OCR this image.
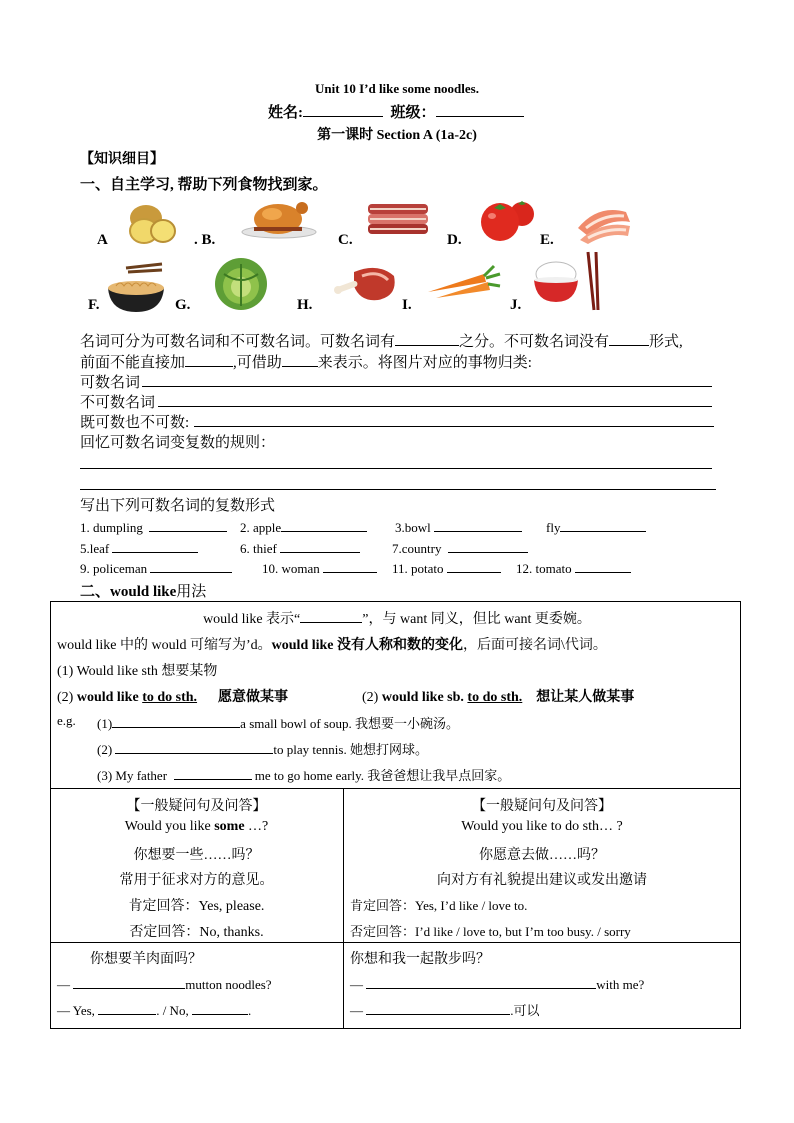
Unit 10 I’d like some noodles.
姓名:	班级：
第一课时 Section A (1a-2c)
【知识细目】
一、自主学习, 帮助下列食物找到家。
A	. B.	C.	D.	E.
F.	G.	H.	I.	J.
名词可分为可数名词和不可数名词。可数名词有	之分。不可数名词没有	形式,
前面不能直接加	,可借助 来表示。将图片对应的事物归类:
可数名词
不可数名词
既可数也不可数:
回忆可数名词变复数的规则：
写出下列可数名词的复数形式
1. dumpling	2. apple	3.bowl	fly
5.leaf	6. thief	7.country
9. policeman	10. woman	11. potato	12. tomato
二、would like用法
would like 表示“	”，与 want 同义，但比 want 更委婉。
would like 中的 would 可缩写为’d。would like 没有人称和数的变化，后面可接名词\代词。
(1) Would like sth 想要某物
(2) would like to do sth. 愿意做某事	(2) would like sb. to do sth. 想让某人做某事
e.g. (1)	a small bowl of soup. 我想要一小碗汤。
(2)	to play tennis. 她想打网球。
(3) My father	me to go home early. 我爸爸想让我早点回家。
【一般疑问句及问答】
Would you like some …?
你想要一些……吗？
常用于征求对方的意见。
肯定回答：Yes, please.
否定回答：No, thanks.
【一般疑问句及问答】
Would you like to do sth… ?
你愿意去做……吗？
向对方有礼貌提出建议或发出邀请
肯定回答：Yes, I’d like / love to.
否定回答：I’d like / love to, but I’m too busy. / sorry
你想要羊肉面吗？
—	mutton noodles?
— Yes,	. / No,	.
你想和我一起散步吗？
—	with me?
—	.可以
